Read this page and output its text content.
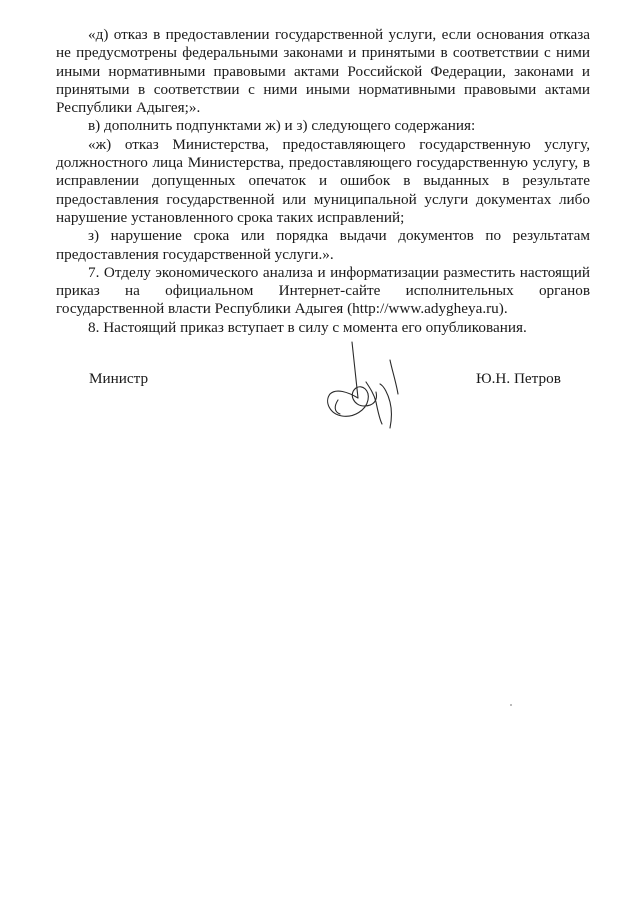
«д) отказ в предоставлении государственной услуги, если основания отказа не предусмотрены федеральными законами и принятыми в соответствии с ними иными нормативными правовыми актами Российской Федерации, законами и принятыми в соответствии с ними иными нормативными правовыми актами Республики Адыгея;».

в) дополнить подпунктами ж) и з) следующего содержания:

«ж) отказ Министерства, предоставляющего государственную услугу, должностного лица Министерства, предоставляющего государственную услугу, в исправлении допущенных опечаток и ошибок в выданных в результате предоставления государственной или муниципальной услуги документах либо нарушение установленного срока таких исправлений;

з) нарушение срока или порядка выдачи документов по результатам предоставления государственной услуги.».

7. Отделу экономического анализа и информатизации разместить настоящий приказ на официальном Интернет-сайте исполнительных органов государственной власти Республики Адыгея (http://www.adygheya.ru).

8. Настоящий приказ вступает в силу с момента его опубликования.

Министр	Ю.Н. Петров
